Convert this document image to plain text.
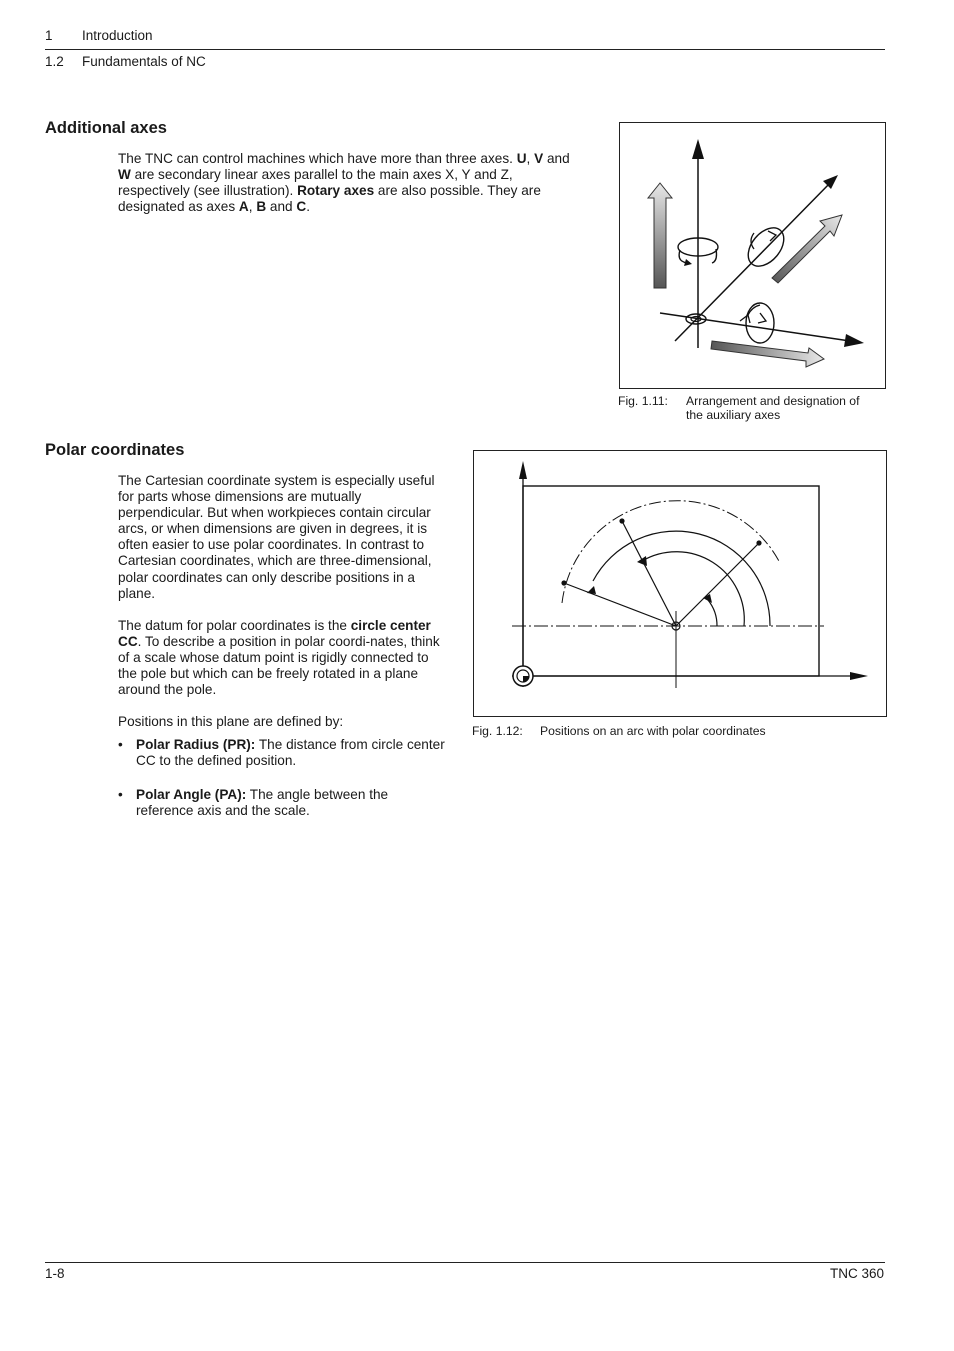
1 Introduction
1.2 Fundamentals of NC
Additional axes

The TNC can control machines which have more than three axes. U, V and W are secondary linear axes parallel to the main axes X, Y and Z, respectively (see illustration). Rotary axes are also possible. They are designated as axes A, B and C.

Fig. 1.11: Arrangement and designation of
the auxiliary axes
Polar coordinates

The Cartesian coordinate system is especially useful for parts whose dimensions are mutually perpendicular. But when workpieces contain circular arcs, or when dimensions are given in degrees, it is often easier to use polar coordinates. In contrast to Cartesian coordinates, which are three-dimensional, polar coordinates can only describe positions in a plane.

The datum for polar coordinates is the circle center CC. To describe a position in polar coordi-nates, think of a scale whose datum point is rigidly connected to the pole but which can be freely rotated in a plane around the pole.

Positions in this plane are defined by:

• Polar Radius (PR): The distance from circle center CC to the defined position.
• Polar Angle (PA): The angle between the reference axis and the scale.
Fig. 1.12: Positions on an arc with polar coordinates
1-8	TNC 360
